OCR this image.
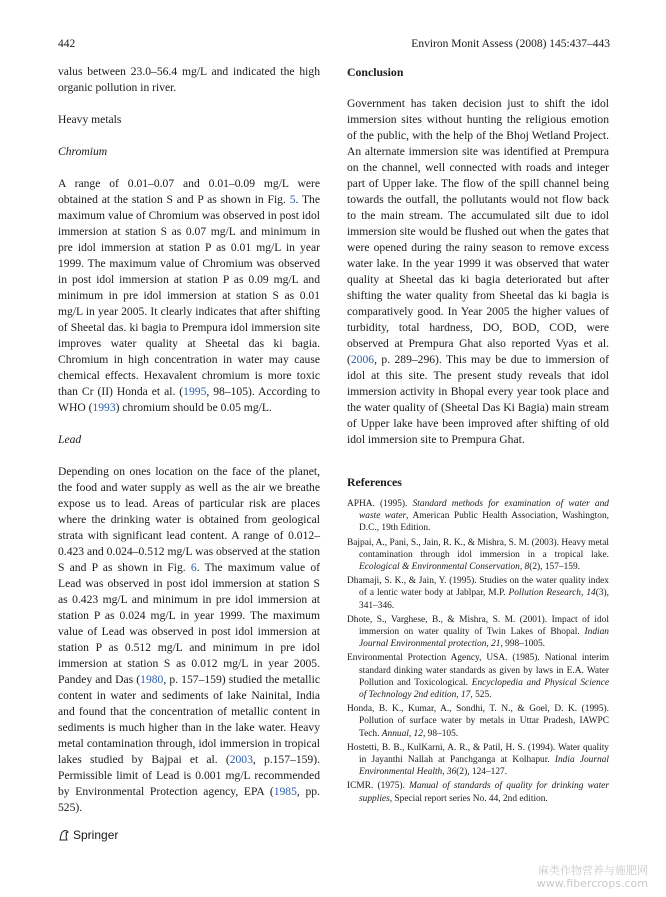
442	Environ Monit Assess (2008) 145:437–443

valus between 23.0–56.4 mg/L and indicated the high organic pollution in river.

Heavy metals

Chromium

A range of 0.01–0.07 and 0.01–0.09 mg/L were obtained at the station S and P as shown in Fig. 5. The maximum value of Chromium was observed in post idol immersion at station S as 0.07 mg/L and minimum in pre idol immersion at station P as 0.01 mg/L in year 1999. The maximum value of Chromium was observed in post idol immersion at station P as 0.09 mg/L and minimum in pre idol immersion at station S as 0.01 mg/L in year 2005. It clearly indicates that after shifting of Sheetal das. ki bagia to Prempura idol immersion site improves water quality at Sheetal das ki bagia. Chromium in high concentration in water may cause chemical effects. Hexavalent chromium is more toxic than Cr (II) Honda et al. (1995, 98–105). According to WHO (1993) chromium should be 0.05 mg/L.

Lead

Depending on ones location on the face of the planet, the food and water supply as well as the air we breathe expose us to lead. Areas of particular risk are places where the drinking water is obtained from geological strata with significant lead content. A range of 0.012–0.423 and 0.024–0.512 mg/L was observed at the station S and P as shown in Fig. 6. The maximum value of Lead was observed in post idol immersion at station S as 0.423 mg/L and minimum in pre idol immersion at station P as 0.024 mg/L in year 1999. The maximum value of Lead was observed in post idol immersion at station P as 0.512 mg/L and minimum in pre idol immersion at station S as 0.012 mg/L in year 2005. Pandey and Das (1980, p. 157–159) studied the metallic content in water and sediments of lake Nainital, India and found that the concentration of metallic content in sediments is much higher than in the lake water. Heavy metal contamination through, idol immersion in tropical lakes studied by Bajpai et al. (2003, p.157–159). Permissible limit of Lead is 0.001 mg/L recommended by Environmental Protection agency, EPA (1985, pp. 525).

Conclusion

Government has taken decision just to shift the idol immersion sites without hunting the religious emotion of the public, with the help of the Bhoj Wetland Project. An alternate immersion site was identified at Prempura on the channel, well connected with roads and integer part of Upper lake. The flow of the spill channel being towards the outfall, the pollutants would not flow back to the main stream. The accumulated silt due to idol immersion site would be flushed out when the gates that were opened during the rainy season to remove excess water lake. In the year 1999 it was observed that water quality at Sheetal das ki bagia deteriorated but after shifting the water quality from Sheetal das ki bagia is comparatively good. In Year 2005 the higher values of turbidity, total hardness, DO, BOD, COD, were observed at Prempura Ghat also reported Vyas et al. (2006, p. 289–296). This may be due to immersion of idol at this site. The present study reveals that idol immersion activity in Bhopal every year took place and the water quality of (Sheetal Das Ki Bagia) main stream of Upper lake have been improved after shifting of old idol immersion site to Prempura Ghat.

References

APHA. (1995). Standard methods for examination of water and waste water, American Public Health Association, Washington, D.C., 19th Edition.

Bajpai, A., Pani, S., Jain, R. K., & Mishra, S. M. (2003). Heavy metal contamination through idol immersion in a tropical lake. Ecological & Environmental Conservation, 8(2), 157–159.

Dhamaji, S. K., & Jain, Y. (1995). Studies on the water quality index of a lentic water body at Jablpar, M.P. Pollution Research, 14(3), 341–346.

Dhote, S., Varghese, B., & Mishra, S. M. (2001). Impact of idol immersion on water quality of Twin Lakes of Bhopal. Indian Journal Environmental protection, 21, 998–1005.

Environmental Protection Agency, USA. (1985). National interim standard dinking water standards as given by laws in E.A. Water Pollution and Toxicological. Encyclopedia and Physical Science of Technology 2nd edition, 17, 525.

Honda, B. K., Kumar, A., Sondhi, T. N., & Goel, D. K. (1995). Pollution of surface water by metals in Uttar Pradesh, IAWPC Tech. Annual, 12, 98–105.

Hostetti, B. B., KulKarni, A. R., & Patil, H. S. (1994). Water quality in Jayanthi Nallah at Panchganga at Kolhapur. India Journal Environmental Health, 36(2), 124–127.

ICMR. (1975). Manual of standards of quality for drinking water supplies, Special report series No. 44, 2nd edition.

Springer
麻类作物营养与施肥网
www.fibercrops.com
